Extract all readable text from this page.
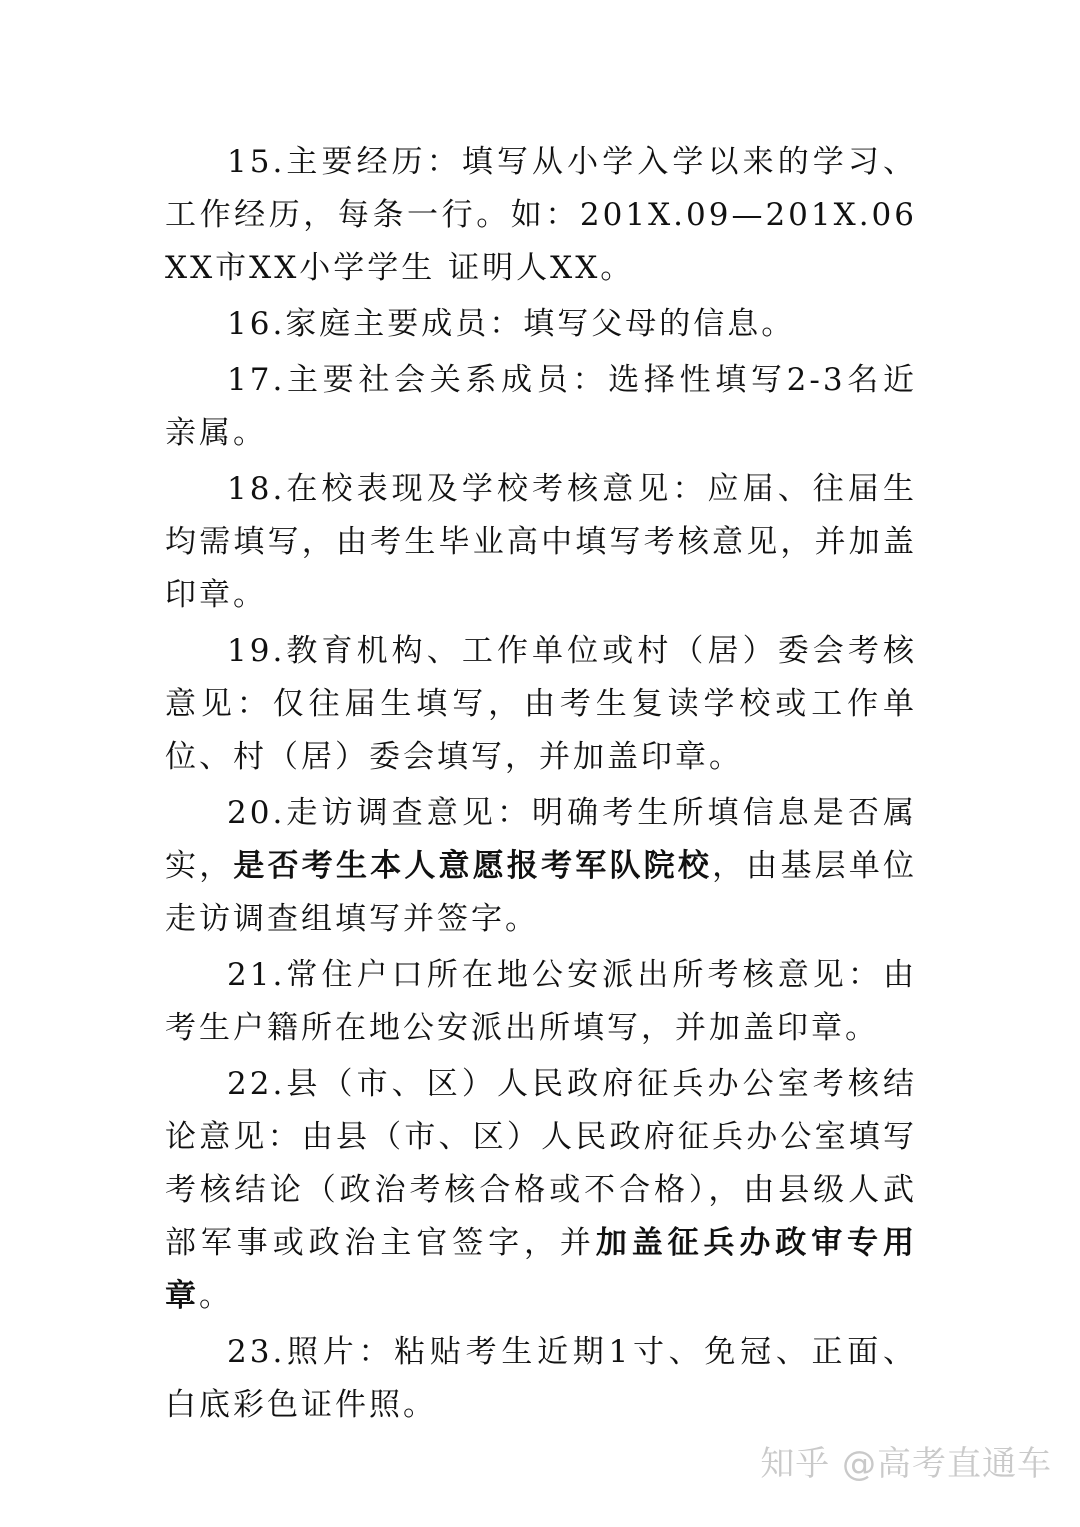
15.主要经历：填写从小学入学以来的学习、工作经历，每条一行。如：201X.09—201X.06 XX市XX小学学生 证明人XX。

16.家庭主要成员：填写父母的信息。

17.主要社会关系成员：选择性填写2-3名近亲属。

18.在校表现及学校考核意见：应届、往届生均需填写，由考生毕业高中填写考核意见，并加盖印章。

19.教育机构、工作单位或村（居）委会考核意见：仅往届生填写，由考生复读学校或工作单位、村（居）委会填写，并加盖印章。

20.走访调查意见：明确考生所填信息是否属实，是否考生本人意愿报考军队院校，由基层单位走访调查组填写并签字。

21.常住户口所在地公安派出所考核意见：由考生户籍所在地公安派出所填写，并加盖印章。

22.县（市、区）人民政府征兵办公室考核结论意见：由县（市、区）人民政府征兵办公室填写考核结论（政治考核合格或不合格），由县级人武部军事或政治主官签字，并加盖征兵办政审专用章。

23.照片：粘贴考生近期1寸、免冠、正面、白底彩色证件照。

知乎 @高考直通车
